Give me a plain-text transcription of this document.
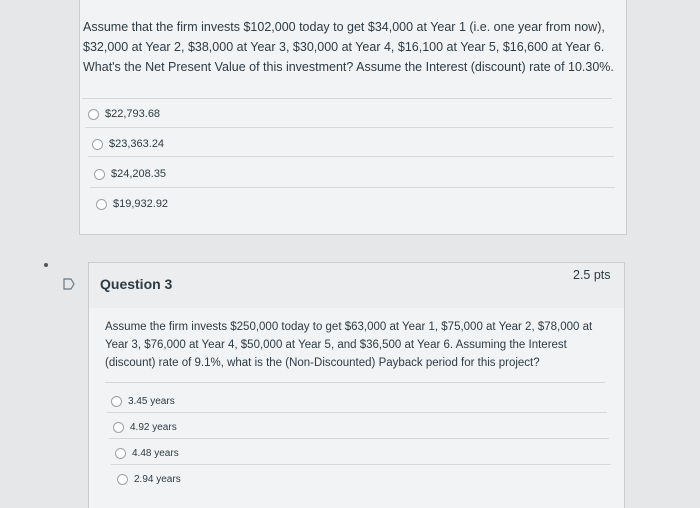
Assume that the firm invests $102,000 today to get $34,000 at Year 1 (i.e. one year from now), $32,000 at Year 2, $38,000 at Year 3, $30,000 at Year 4, $16,100 at Year 5, $16,600 at Year 6. What's the Net Present Value of this investment? Assume the Interest (discount) rate of 10.30%.
$22,793.68
$23,363.24
$24,208.35
$19,932.92
Question 3
2.5 pts
Assume the firm invests $250,000 today to get $63,000 at Year 1, $75,000 at Year 2, $78,000 at Year 3, $76,000 at Year 4, $50,000 at Year 5, and $36,500 at Year 6. Assuming the Interest (discount) rate of 9.1%, what is the (Non-Discounted) Payback period for this project?
3.45 years
4.92 years
4.48 years
2.94 years
